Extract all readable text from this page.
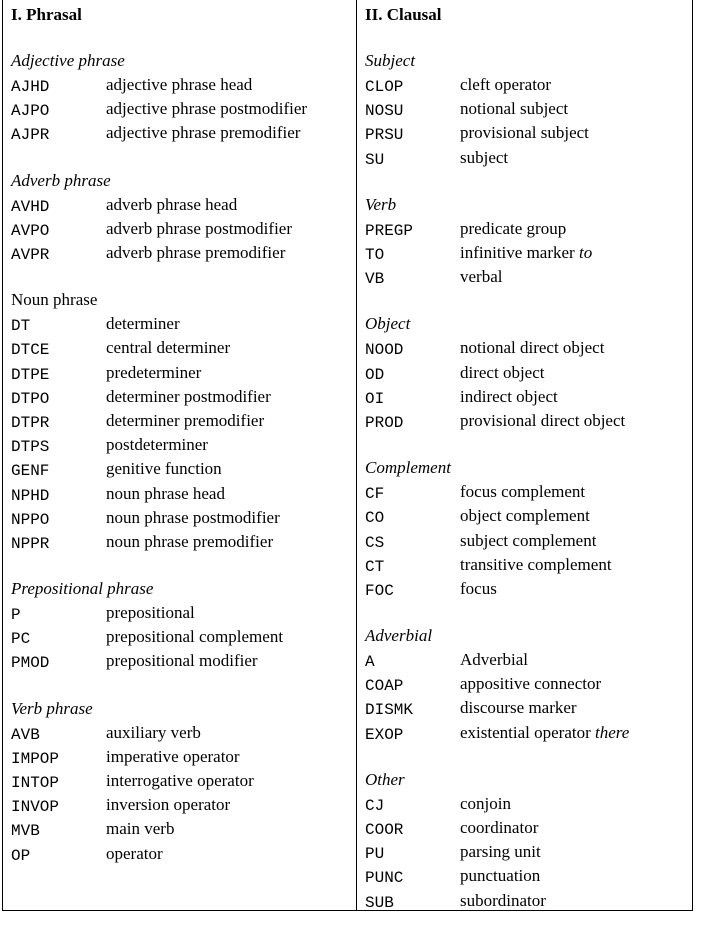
I. Phrasal
Adjective phrase
AJHD	adjective phrase head
AJPO	adjective phrase postmodifier
AJPR	adjective phrase premodifier
Adverb phrase
AVHD	adverb phrase head
AVPO	adverb phrase postmodifier
AVPR	adverb phrase premodifier
Noun phrase
DT	determiner
DTCE	central determiner
DTPE	predeterminer
DTPO	determiner postmodifier
DTPR	determiner premodifier
DTPS	postdeterminer
GENF	genitive function
NPHD	noun phrase head
NPPO	noun phrase postmodifier
NPPR	noun phrase premodifier
Prepositional phrase
P	prepositional
PC	prepositional complement
PMOD	prepositional modifier
Verb phrase
AVB	auxiliary verb
IMPOP	imperative operator
INTOP	interrogative operator
INVOP	inversion operator
MVB	main verb
OP	operator
II. Clausal
Subject
CLOP	cleft operator
NOSU	notional subject
PRSU	provisional subject
SU	subject
Verb
PREGP	predicate group
TO	infinitive marker to
VB	verbal
Object
NOOD	notional direct object
OD	direct object
OI	indirect object
PROD	provisional direct object
Complement
CF	focus complement
CO	object complement
CS	subject complement
CT	transitive complement
FOC	focus
Adverbial
A	Adverbial
COAP	appositive connector
DISMK	discourse marker
EXOP	existential operator there
Other
CJ	conjoin
COOR	coordinator
PU	parsing unit
PUNC	punctuation
SUB	subordinator
